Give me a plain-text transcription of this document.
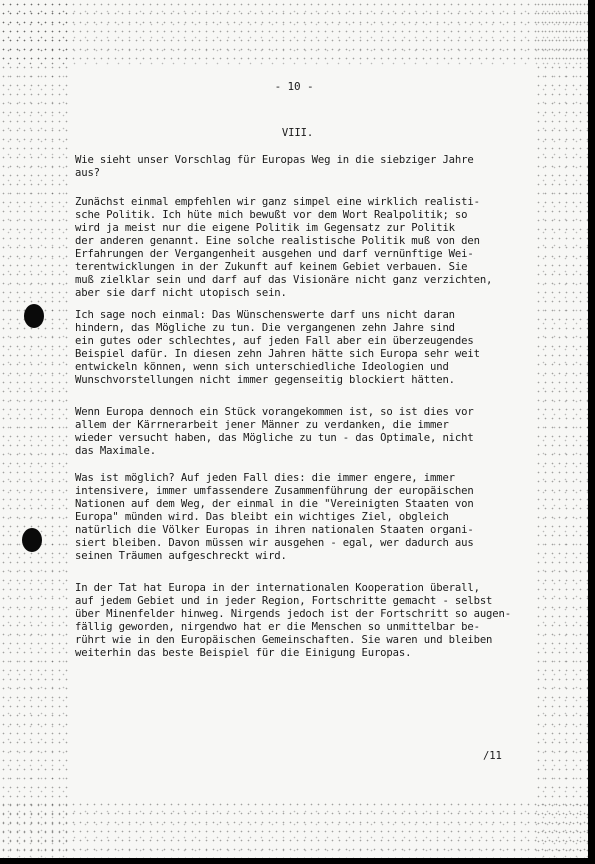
- 10 -
VIII.
Wie sieht unser Vorschlag für Europas Weg in die siebziger Jahre
aus?
Zunächst einmal empfehlen wir ganz simpel eine wirklich realisti-
sche Politik. Ich hüte mich bewußt vor dem Wort Realpolitik; so
wird ja meist nur die eigene Politik im Gegensatz zur Politik
der anderen genannt. Eine solche realistische Politik muß von den
Erfahrungen der Vergangenheit ausgehen und darf vernünftige Wei-
terentwicklungen in der Zukunft auf keinem Gebiet verbauen. Sie
muß zielklar sein und darf auf das Visionäre nicht ganz verzichten,
aber sie darf nicht utopisch sein.
Ich sage noch einmal: Das Wünschenswerte darf uns nicht daran
hindern, das Mögliche zu tun. Die vergangenen zehn Jahre sind
ein gutes oder schlechtes, auf jeden Fall aber ein überzeugendes
Beispiel dafür. In diesen zehn Jahren hätte sich Europa sehr weit
entwickeln können, wenn sich unterschiedliche Ideologien und
Wunschvorstellungen nicht immer gegenseitig blockiert hätten.
Wenn Europa dennoch ein Stück vorangekommen ist, so ist dies vor
allem der Kärrnerarbeit jener Männer zu verdanken, die immer
wieder versucht haben, das Mögliche zu tun - das Optimale, nicht
das Maximale.
Was ist möglich? Auf jeden Fall dies: die immer engere, immer
intensivere, immer umfassendere Zusammenführung der europäischen
Nationen auf dem Weg, der einmal in die "Vereinigten Staaten von
Europa" münden wird. Das bleibt ein wichtiges Ziel, obgleich
natürlich die Völker Europas in ihren nationalen Staaten organi-
siert bleiben. Davon müssen wir ausgehen - egal, wer dadurch aus
seinen Träumen aufgeschreckt wird.
In der Tat hat Europa in der internationalen Kooperation überall,
auf jedem Gebiet und in jeder Region, Fortschritte gemacht - selbst
über Minenfelder hinweg. Nirgends jedoch ist der Fortschritt so augen-
fällig geworden, nirgendwo hat er die Menschen so unmittelbar be-
rührt wie in den Europäischen Gemeinschaften. Sie waren und bleiben
weiterhin das beste Beispiel für die Einigung Europas.
/11
